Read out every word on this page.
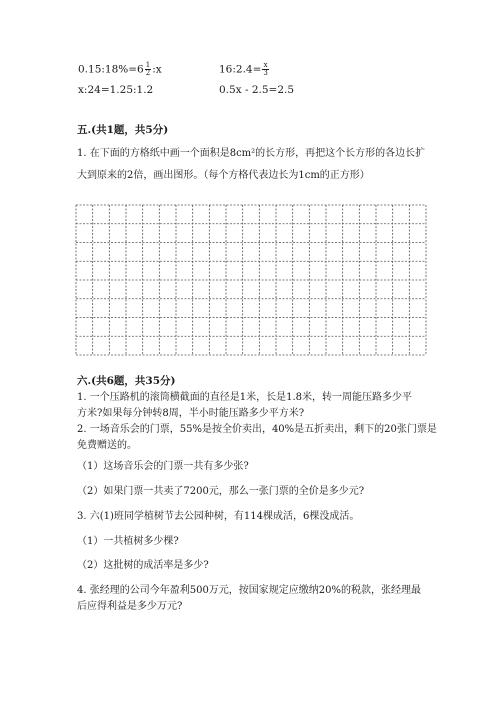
0.15:18%=6 $\frac{1}{2}$ :x	16:2.4= $\frac{x}{3}$
x:24=1.25:1.2	0.5x - 2.5=2.5
五.(共1题，共5分)
1. 在下面的方格纸中画一个面积是8cm²的长方形，再把这个长方形的各边长扩
大到原来的2倍，画出图形。（每个方格代表边长为1cm的正方形）
六.(共6题，共35分)
1. 一个压路机的滚筒横截面的直径是1米，长是1.8米，转一周能压路多少平
方米?如果每分钟转8周，半小时能压路多少平方米?
2. 一场音乐会的门票，55%是按全价卖出，40%是五折卖出，剩下的20张门票是
免费赠送的。
（1）这场音乐会的门票一共有多少张?
（2）如果门票一共卖了7200元，那么一张门票的全价是多少元?
3. 六(1)班同学植树节去公园种树，有114棵成活，6棵没成活。
（1）一共植树多少棵?
（2）这批树的成活率是多少?
4. 张经理的公司今年盈利500万元，按国家规定应缴纳20%的税款，张经理最
后应得利益是多少万元?
